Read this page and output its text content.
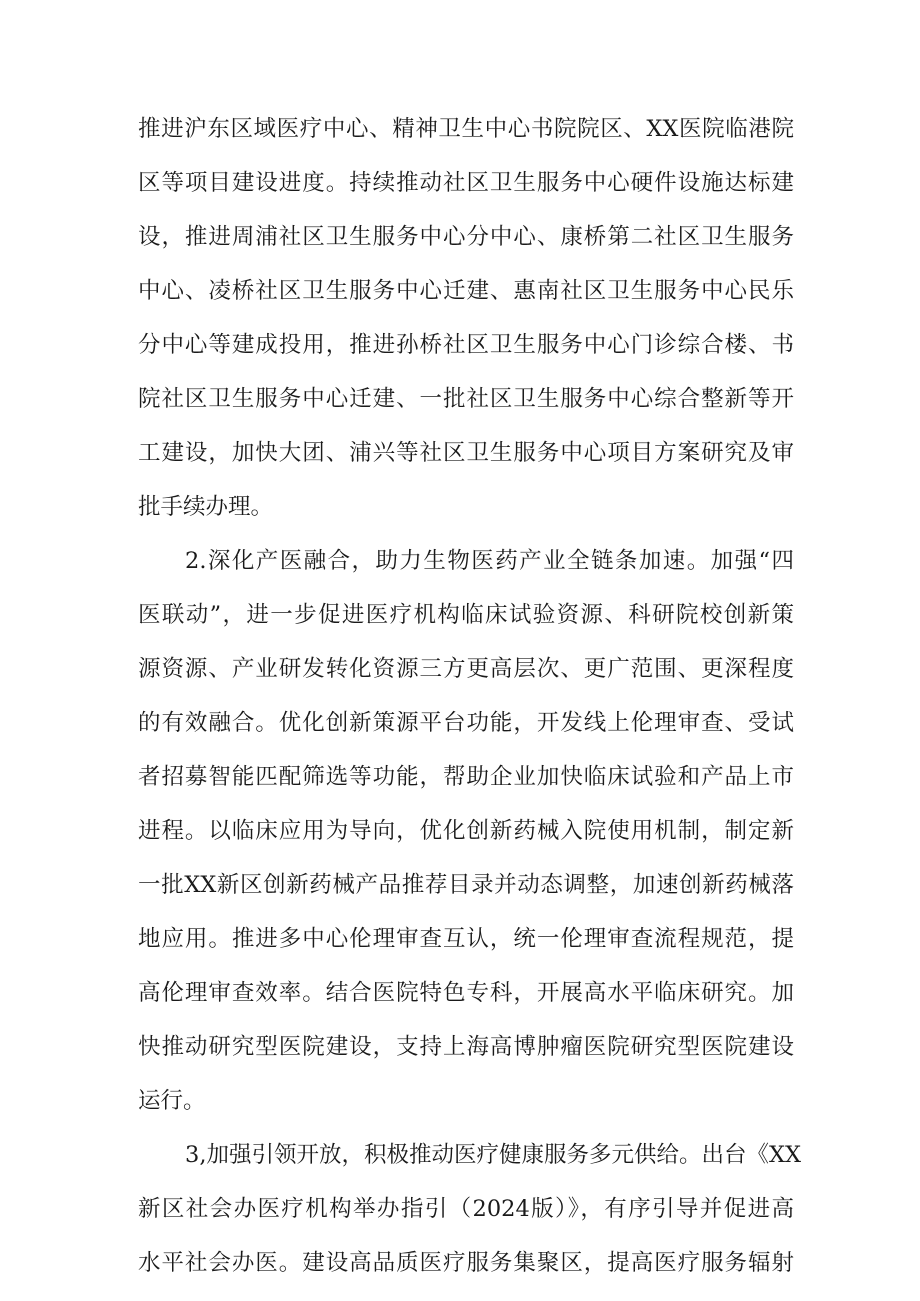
推进沪东区域医疗中心、精神卫生中心书院院区、XX医院临港院
区等项目建设进度。持续推动社区卫生服务中心硬件设施达标建
设，推进周浦社区卫生服务中心分中心、康桥第二社区卫生服务
中心、凌桥社区卫生服务中心迁建、惠南社区卫生服务中心民乐
分中心等建成投用，推进孙桥社区卫生服务中心门诊综合楼、书
院社区卫生服务中心迁建、一批社区卫生服务中心综合整新等开
工建设，加快大团、浦兴等社区卫生服务中心项目方案研究及审
批手续办理。
2.深化产医融合，助力生物医药产业全链条加速。加强“四
医联动”，进一步促进医疗机构临床试验资源、科研院校创新策
源资源、产业研发转化资源三方更高层次、更广范围、更深程度
的有效融合。优化创新策源平台功能，开发线上伦理审查、受试
者招募智能匹配筛选等功能，帮助企业加快临床试验和产品上市
进程。以临床应用为导向，优化创新药械入院使用机制，制定新
一批XX新区创新药械产品推荐目录并动态调整，加速创新药械落
地应用。推进多中心伦理审查互认，统一伦理审查流程规范，提
高伦理审查效率。结合医院特色专科，开展高水平临床研究。加
快推动研究型医院建设，支持上海高博肿瘤医院研究型医院建设
运行。
3,加强引领开放，积极推动医疗健康服务多元供给。出台《XX
新区社会办医疗机构举办指引（2024版）》，有序引导并促进高
水平社会办医。建设高品质医疗服务集聚区，提高医疗服务辐射
